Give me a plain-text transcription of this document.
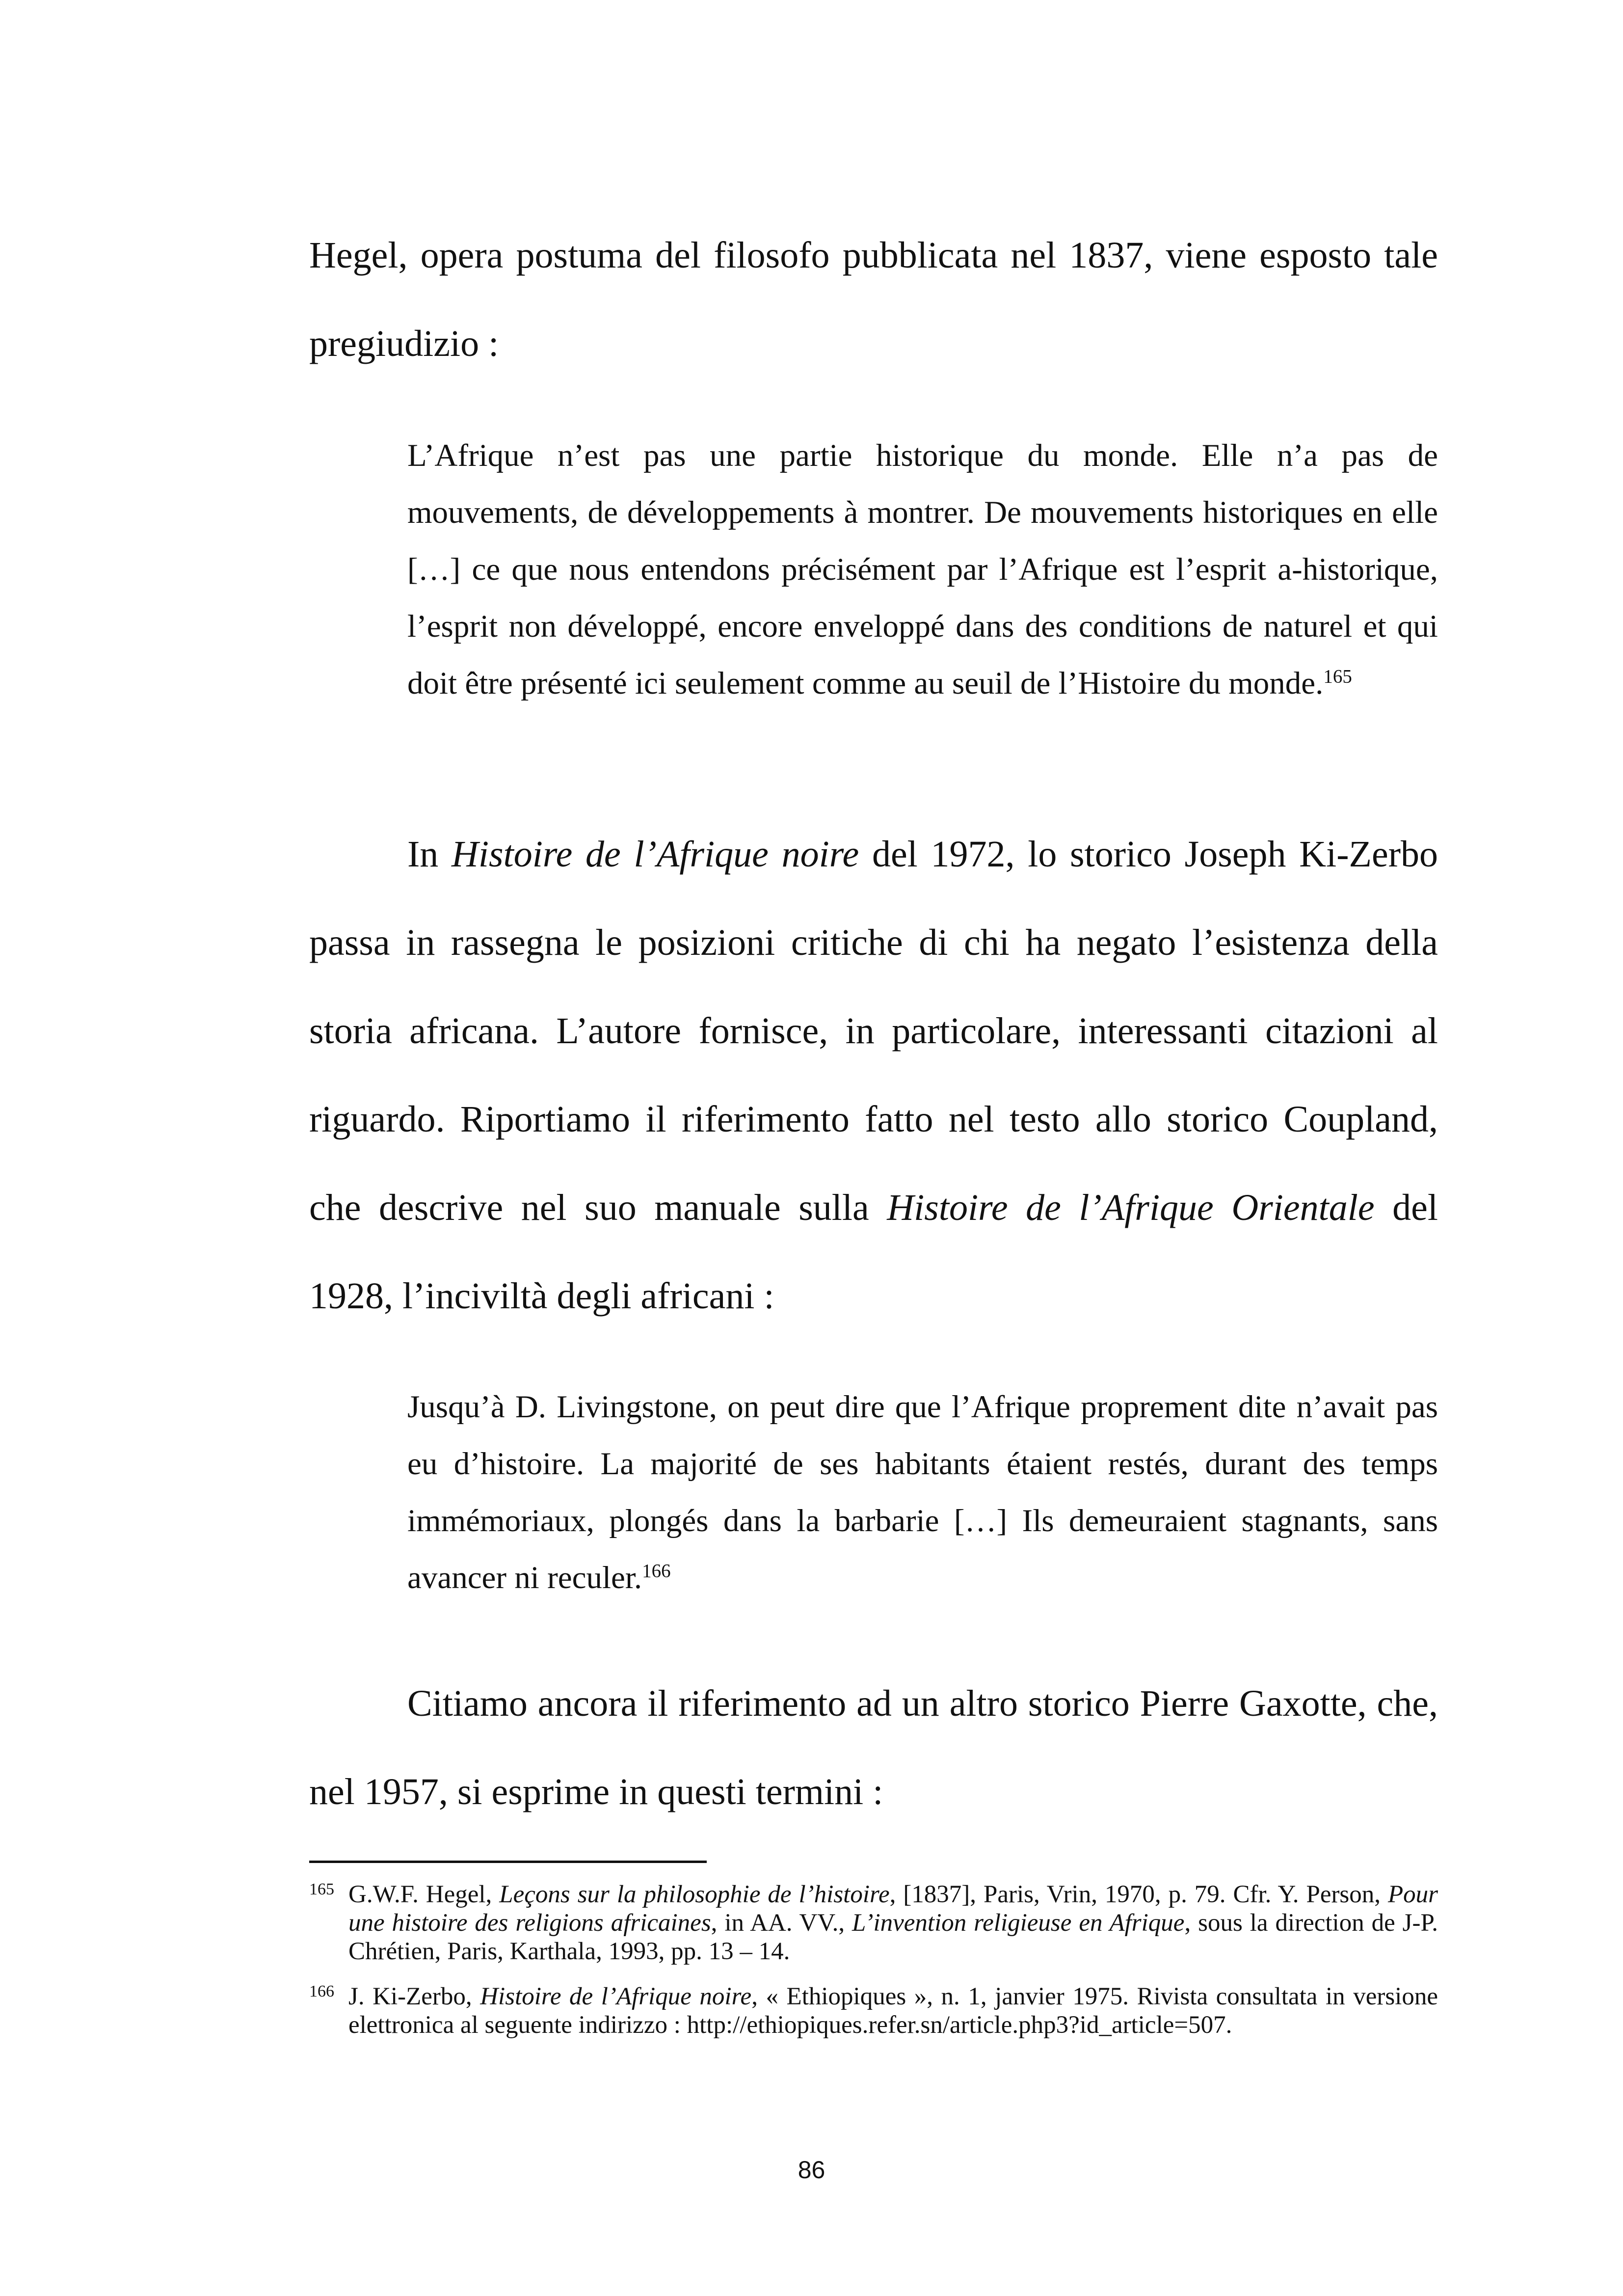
Hegel, opera postuma del filosofo pubblicata nel 1837, viene esposto tale pregiudizio :

L’Afrique n’est pas une partie historique du monde. Elle n’a pas de mouvements, de développements à montrer. De mouvements historiques en elle […] ce que nous entendons précisément par l’Afrique est l’esprit a-historique, l’esprit non développé, encore enveloppé dans des conditions de naturel et qui doit être présenté ici seulement comme au seuil de l’Histoire du monde.$^{165}$

In Histoire de l’Afrique noire del 1972, lo storico Joseph Ki-Zerbo passa in rassegna le posizioni critiche di chi ha negato l’esistenza della storia africana. L’autore fornisce, in particolare, interessanti citazioni al riguardo. Riportiamo il riferimento fatto nel testo allo storico Coupland, che descrive nel suo manuale sulla Histoire de l’Afrique Orientale del 1928, l’inciviltà degli africani :

Jusqu’à D. Livingstone, on peut dire que l’Afrique proprement dite n’avait pas eu d’histoire. La majorité de ses habitants étaient restés, durant des temps immémoriaux, plongés dans la barbarie […] Ils demeuraient stagnants, sans avancer ni reculer.$^{166}$

Citiamo ancora il riferimento ad un altro storico Pierre Gaxotte, che, nel 1957, si esprime in questi termini :

165 G.W.F. Hegel, Leçons sur la philosophie de l’histoire, [1837], Paris, Vrin, 1970, p. 79. Cfr. Y. Person, Pour une histoire des religions africaines, in AA. VV., L’invention religieuse en Afrique, sous la direction de J-P. Chrétien, Paris, Karthala, 1993, pp. 13 – 14.
166 J. Ki-Zerbo, Histoire de l’Afrique noire, « Ethiopiques », n. 1, janvier 1975. Rivista consultata in versione elettronica al seguente indirizzo : http://ethiopiques.refer.sn/article.php3?id_article=507.
86
